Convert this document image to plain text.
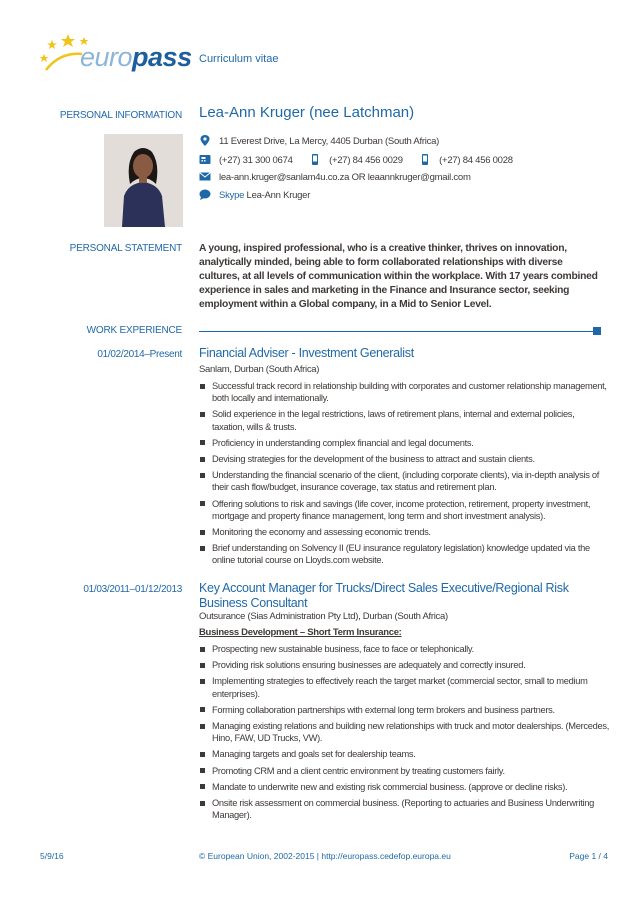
europass Curriculum vitae
PERSONAL INFORMATION Lea-Ann Kruger (nee Latchman)
11 Everest Drive, La Mercy, 4405 Durban (South Africa)
(+27) 31 300 0674	(+27) 84 456 0029	(+27) 84 456 0028
lea-ann.kruger@sanlam4u.co.za OR leaannkruger@gmail.com
Skype Lea-Ann Kruger
PERSONAL STATEMENT A young, inspired professional, who is a creative thinker, thrives on innovation, analytically minded, being able to form collaborated relationships with diverse cultures, at all levels of communication within the workplace. With 17 years combined experience in sales and marketing in the Finance and Insurance sector, seeking employment within a Global company, in a Mid to Senior Level.
WORK EXPERIENCE
01/02/2014–Present Financial Adviser - Investment Generalist
Sanlam, Durban (South Africa)
Successful track record in relationship building with corporates and customer relationship management, both locally and internationally.
Solid experience in the legal restrictions, laws of retirement plans, internal and external policies, taxation, wills & trusts.
Proficiency in understanding complex financial and legal documents.
Devising strategies for the development of the business to attract and sustain clients.
Understanding the financial scenario of the client, (including corporate clients), via in-depth analysis of their cash flow/budget, insurance coverage, tax status and retirement plan.
Offering solutions to risk and savings (life cover, income protection, retirement, property investment, mortgage and property finance management, long term and short investment analysis).
Monitoring the economy and assessing economic trends.
Brief understanding on Solvency II (EU insurance regulatory legislation) knowledge updated via the online tutorial course on Lloyds.com website.
01/03/2011–01/12/2013 Key Account Manager for Trucks/Direct Sales Executive/Regional Risk Business Consultant
Outsurance (Sias Administration Pty Ltd), Durban (South Africa)
Business Development – Short Term Insurance:
Prospecting new sustainable business, face to face or telephonically.
Providing risk solutions ensuring businesses are adequately and correctly insured.
Implementing strategies to effectively reach the target market (commercial sector, small to medium enterprises).
Forming collaboration partnerships with external long term brokers and business partners.
Managing existing relations and building new relationships with truck and motor dealerships. (Mercedes, Hino, FAW, UD Trucks, VW).
Managing targets and goals set for dealership teams.
Promoting CRM and a client centric environment by treating customers fairly.
Mandate to underwrite new and existing risk commercial business. (approve or decline risks).
Onsite risk assessment on commercial business. (Reporting to actuaries and Business Underwriting Manager).
5/9/16	© European Union, 2002-2015 | http://europass.cedefop.europa.eu	Page 1 / 4
